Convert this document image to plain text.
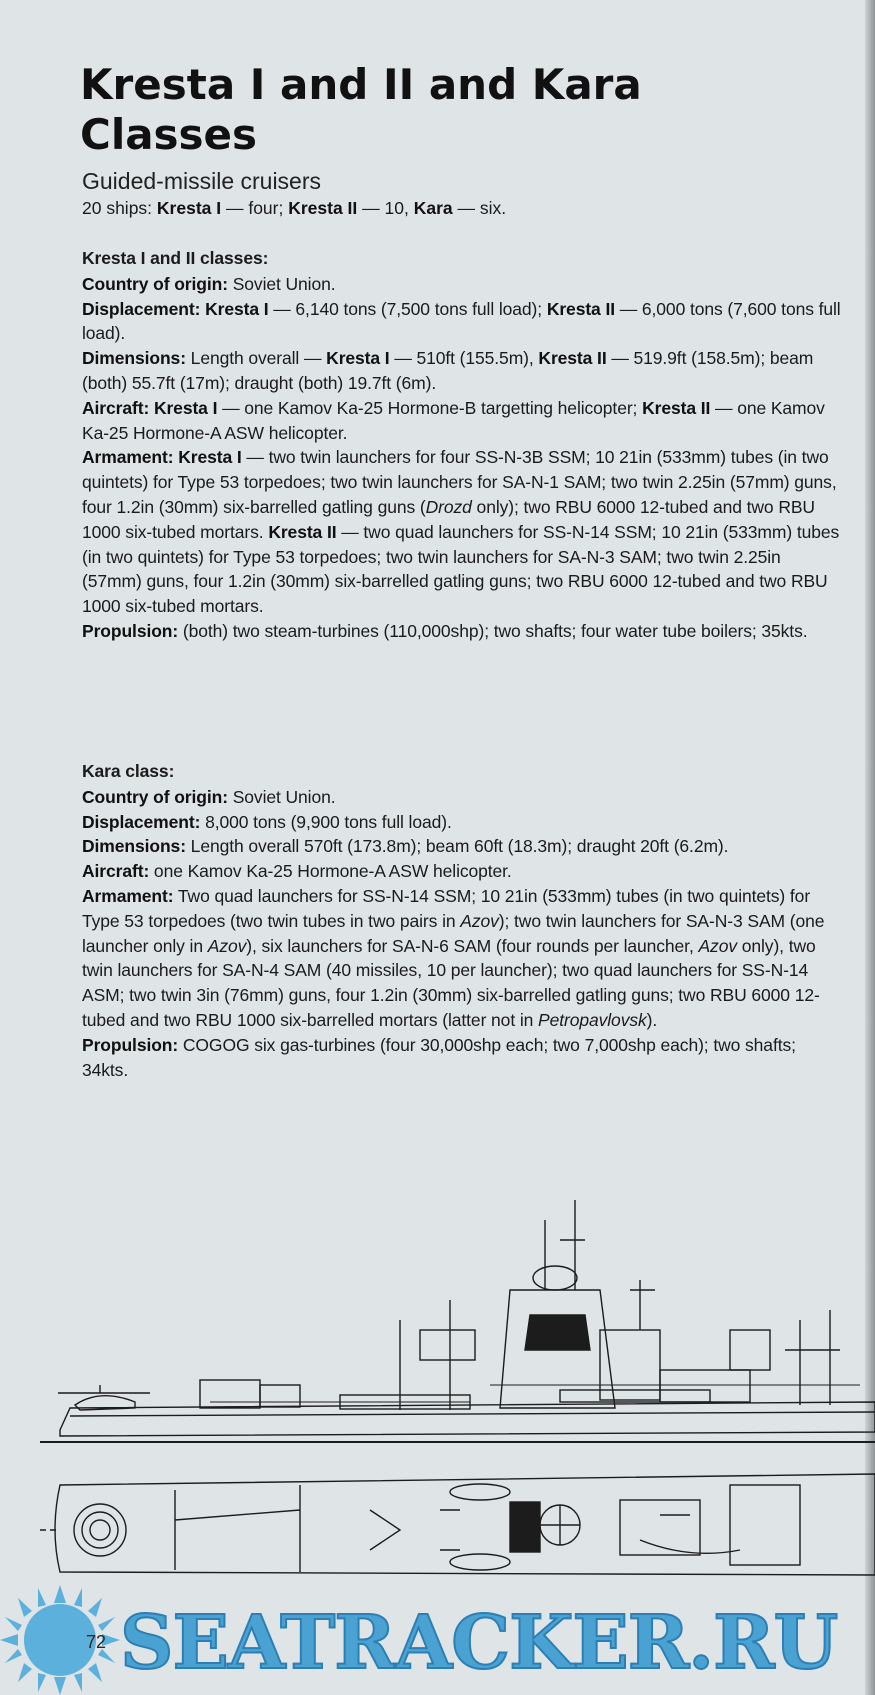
Kresta I and II and Kara Classes

Guided-missile cruisers

20 ships: Kresta I — four; Kresta II — 10, Kara — six.

Kresta I and II classes:

Country of origin: Soviet Union.

Displacement: Kresta I — 6,140 tons (7,500 tons full load); Kresta II — 6,000 tons (7,600 tons full load).

Dimensions: Length overall — Kresta I — 510ft (155.5m), Kresta II — 519.9ft (158.5m); beam (both) 55.7ft (17m); draught (both) 19.7ft (6m).

Aircraft: Kresta I — one Kamov Ka-25 Hormone-B targetting helicopter; Kresta II — one Kamov Ka-25 Hormone-A ASW helicopter.

Armament: Kresta I — two twin launchers for four SS-N-3B SSM; 10 21in (533mm) tubes (in two quintets) for Type 53 torpedoes; two twin launchers for SA-N-1 SAM; two twin 2.25in (57mm) guns, four 1.2in (30mm) six-barrelled gatling guns (Drozd only); two RBU 6000 12-tubed and two RBU 1000 six-tubed mortars. Kresta II — two quad launchers for SS-N-14 SSM; 10 21in (533mm) tubes (in two quintets) for Type 53 torpedoes; two twin launchers for SA-N-3 SAM; two twin 2.25in (57mm) guns, four 1.2in (30mm) six-barrelled gatling guns; two RBU 6000 12-tubed and two RBU 1000 six-tubed mortars.

Propulsion: (both) two steam-turbines (110,000shp); two shafts; four water tube boilers; 35kts.

Kara class:

Country of origin: Soviet Union.

Displacement: 8,000 tons (9,900 tons full load).

Dimensions: Length overall 570ft (173.8m); beam 60ft (18.3m); draught 20ft (6.2m).

Aircraft: one Kamov Ka-25 Hormone-A ASW helicopter.

Armament: Two quad launchers for SS-N-14 SSM; 10 21in (533mm) tubes (in two quintets) for Type 53 torpedoes (two twin tubes in two pairs in Azov); two twin launchers for SA-N-3 SAM (one launcher only in Azov), six launchers for SA-N-6 SAM (four rounds per launcher, Azov only), two twin launchers for SA-N-4 SAM (40 missiles, 10 per launcher); two quad launchers for SS-N-14 ASM; two twin 3in (76mm) guns, four 1.2in (30mm) six-barrelled gatling guns; two RBU 6000 12-tubed and two RBU 1000 six-barrelled mortars (latter not in Petropavlovsk).

Propulsion: COGOG six gas-turbines (four 30,000shp each; two 7,000shp each); two shafts; 34kts.

72 SEATRACKER.RU
